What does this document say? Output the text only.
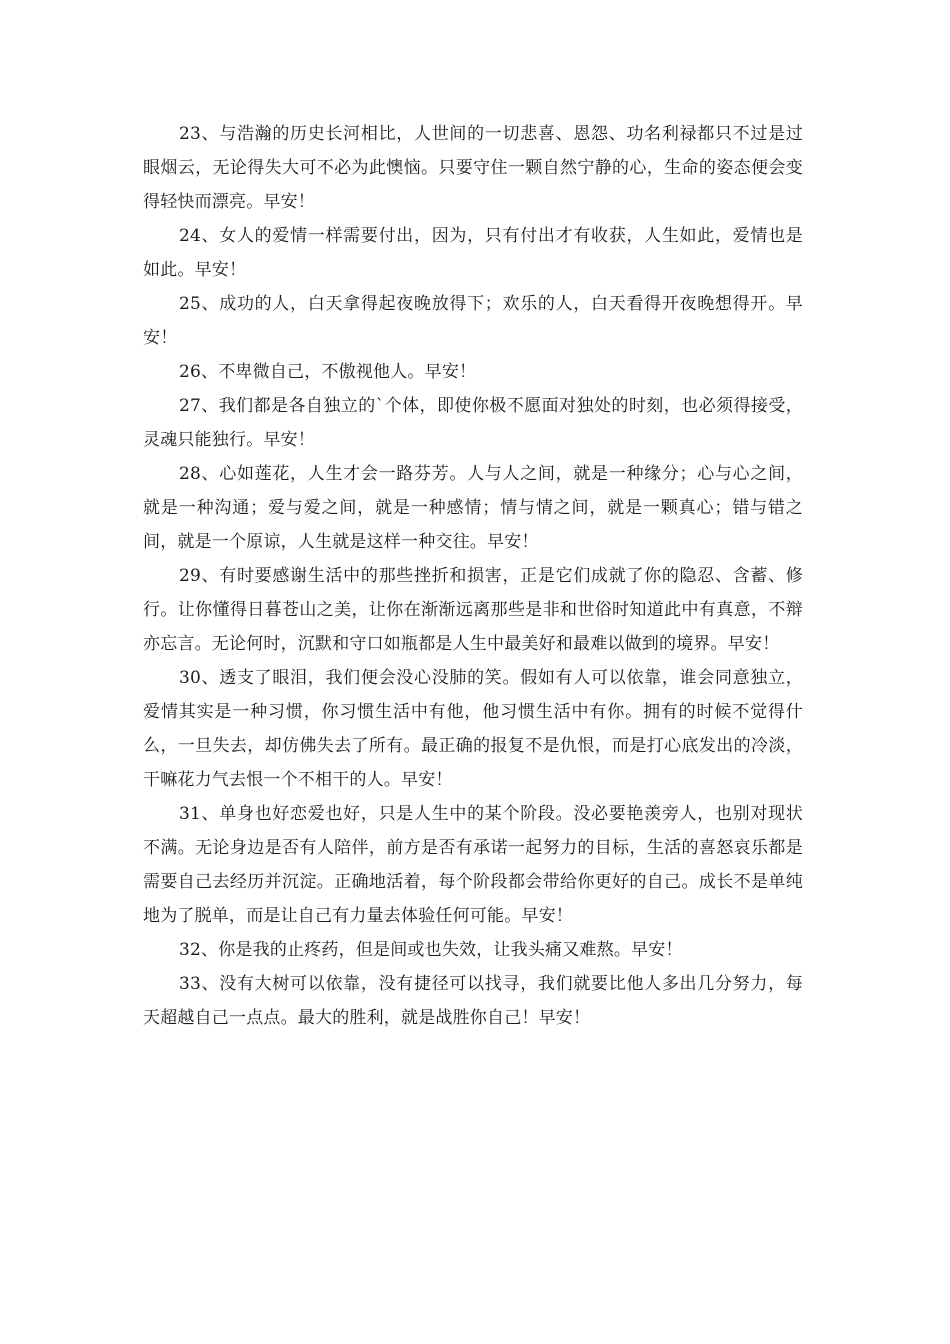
23、与浩瀚的历史长河相比，人世间的一切悲喜、恩怨、功名利禄都只不过是过眼烟云，无论得失大可不必为此懊恼。只要守住一颗自然宁静的心，生命的姿态便会变得轻快而漂亮。早安！

24、女人的爱情一样需要付出，因为，只有付出才有收获，人生如此，爱情也是如此。早安！

25、成功的人，白天拿得起夜晚放得下；欢乐的人，白天看得开夜晚想得开。早安！

26、不卑微自己，不傲视他人。早安！

27、我们都是各自独立的`个体，即使你极不愿面对独处的时刻，也必须得接受，灵魂只能独行。早安！

28、心如莲花，人生才会一路芬芳。人与人之间，就是一种缘分；心与心之间，就是一种沟通；爱与爱之间，就是一种感情；情与情之间，就是一颗真心；错与错之间，就是一个原谅，人生就是这样一种交往。早安！

29、有时要感谢生活中的那些挫折和损害，正是它们成就了你的隐忍、含蓄、修行。让你懂得日暮苍山之美，让你在渐渐远离那些是非和世俗时知道此中有真意，不辩亦忘言。无论何时，沉默和守口如瓶都是人生中最美好和最难以做到的境界。早安！

30、透支了眼泪，我们便会没心没肺的笑。假如有人可以依靠，谁会同意独立，爱情其实是一种习惯，你习惯生活中有他，他习惯生活中有你。拥有的时候不觉得什么，一旦失去，却仿佛失去了所有。最正确的报复不是仇恨，而是打心底发出的冷淡，干嘛花力气去恨一个不相干的人。早安！

31、单身也好恋爱也好，只是人生中的某个阶段。没必要艳羡旁人，也别对现状不满。无论身边是否有人陪伴，前方是否有承诺一起努力的目标，生活的喜怒哀乐都是需要自己去经历并沉淀。正确地活着，每个阶段都会带给你更好的自己。成长不是单纯地为了脱单，而是让自己有力量去体验任何可能。早安！

32、你是我的止疼药，但是间或也失效，让我头痛又难熬。早安！

33、没有大树可以依靠，没有捷径可以找寻，我们就要比他人多出几分努力，每天超越自己一点点。最大的胜利，就是战胜你自己！早安！
